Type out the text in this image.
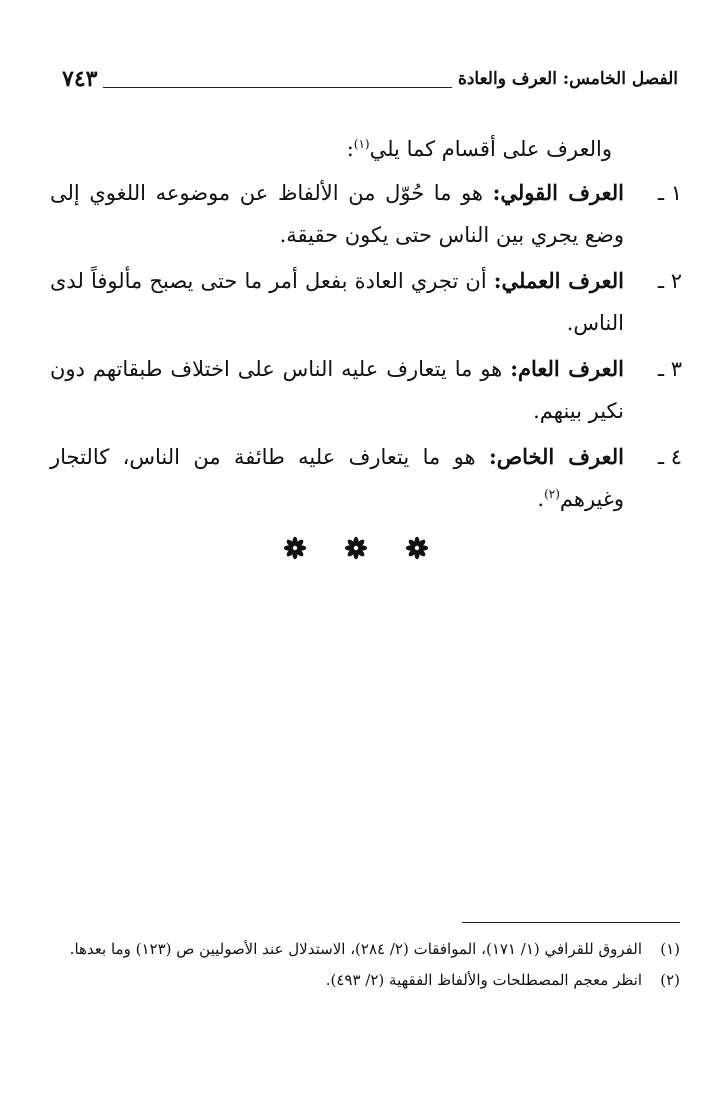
الفصل الخامس: العرف والعادة
٧٤٣
والعرف على أقسام كما يلي$^{(١)}$:
١ ـ
العرف القولي: هو ما حُوّل من الألفاظ عن موضوعه اللغوي إلى وضع يجري بين الناس حتى يكون حقيقة.
٢ ـ
العرف العملي: أن تجري العادة بفعل أمر ما حتى يصبح مألوفاً لدى الناس.
٣ ـ
العرف العام: هو ما يتعارف عليه الناس على اختلاف طبقاتهم دون نكير بينهم.
٤ ـ
العرف الخاص: هو ما يتعارف عليه طائفة من الناس، كالتجار وغيرهم$^{(٢)}$.

(١)
الفروق للقرافي (١/ ١٧١)، الموافقات (٢/ ٢٨٤)، الاستدلال عند الأصوليين ص (١٢٣) وما بعدها.
(٢)
انظر معجم المصطلحات والألفاظ الفقهية (٢/ ٤٩٣).
